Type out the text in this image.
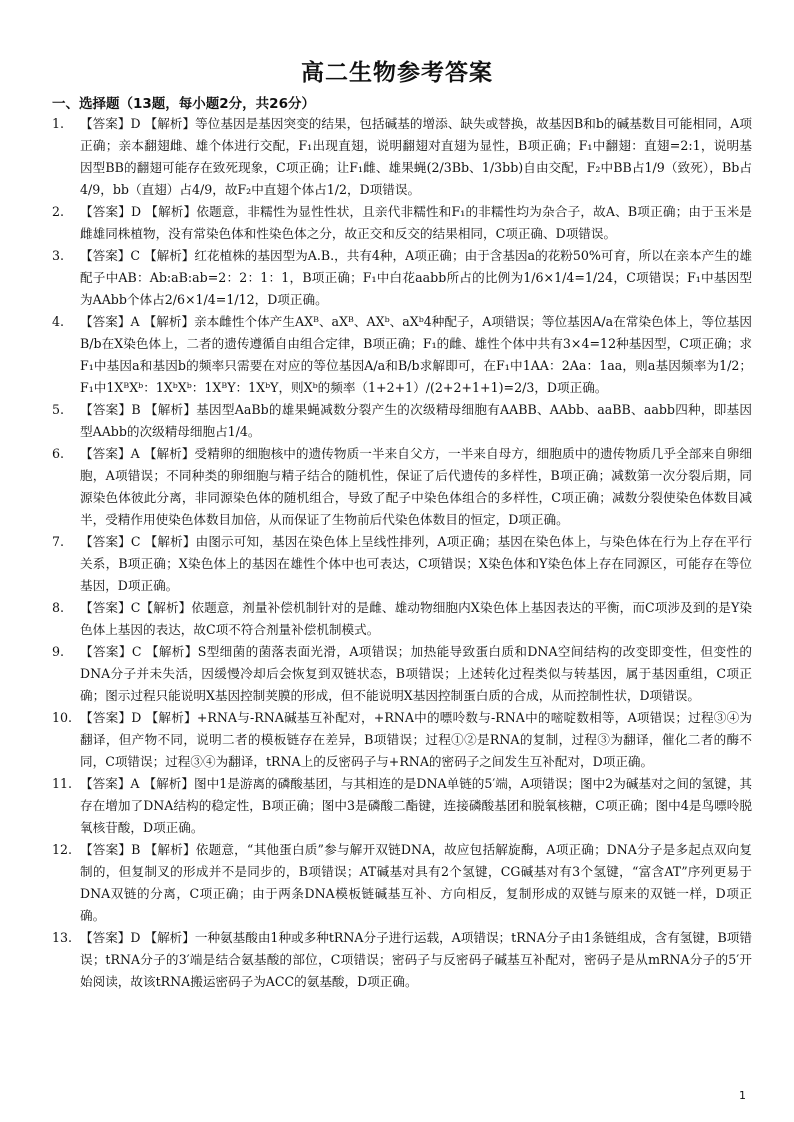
高二生物参考答案

一、选择题（13题，每小题2分，共26分）

1.	【答案】D 【解析】等位基因是基因突变的结果，包括碱基的增添、缺失或替换，故基因B和b的碱基数目可能相同，A项正确；亲本翻翅雌、雄个体进行交配，F₁出现直翅，说明翻翅对直翅为显性，B项正确；F₁中翻翅：直翅=2:1，说明基因型BB的翻翅可能存在致死现象，C项正确；让F₁雌、雄果蝇(2/3Bb、1/3bb)自由交配，F₂中BB占1/9（致死），Bb占4/9，bb（直翅）占4/9，故F₂中直翅个体占1/2，D项错误。
2.	【答案】D 【解析】依题意，非糯性为显性性状，且亲代非糯性和F₁的非糯性均为杂合子，故A、B项正确；由于玉米是雌雄同株植物，没有常染色体和性染色体之分，故正交和反交的结果相同，C项正确、D项错误。
3.	【答案】C 【解析】红花植株的基因型为A.B.，共有4种，A项正确；由于含基因a的花粉50%可育，所以在亲本产生的雄配子中AB：Ab:aB:ab=2：2：1：1，B项正确；F₁中白花aabb所占的比例为1/6×1/4=1/24，C项错误；F₁中基因型为AAbb个体占2/6×1/4=1/12，D项正确。
4.	【答案】A 【解析】亲本雌性个体产生AXᴮ、aXᴮ、AXᵇ、aXᵇ4种配子，A项错误；等位基因A/a在常染色体上，等位基因B/b在X染色体上，二者的遗传遵循自由组合定律，B项正确；F₁的雌、雄性个体中共有3×4=12种基因型，C项正确；求F₁中基因a和基因b的频率只需要在对应的等位基因A/a和B/b求解即可，在F₁中1AA：2Aa：1aa，则a基因频率为1/2；F₁中1XᴮXᵇ：1XᵇXᵇ：1XᴮY：1XᵇY，则Xᵇ的频率（1+2+1）/(2+2+1+1)=2/3，D项正确。
5.	【答案】B 【解析】基因型AaBb的雄果蝇减数分裂产生的次级精母细胞有AABB、AAbb、aaBB、aabb四种，即基因型AAbb的次级精母细胞占1/4。
6.	【答案】A 【解析】受精卵的细胞核中的遗传物质一半来自父方，一半来自母方，细胞质中的遗传物质几乎全部来自卵细胞，A项错误；不同种类的卵细胞与精子结合的随机性，保证了后代遗传的多样性，B项正确；减数第一次分裂后期，同源染色体彼此分离，非同源染色体的随机组合，导致了配子中染色体组合的多样性，C项正确；减数分裂使染色体数目减半，受精作用使染色体数目加倍，从而保证了生物前后代染色体数目的恒定，D项正确。
7.	【答案】C 【解析】由图示可知，基因在染色体上呈线性排列，A项正确；基因在染色体上，与染色体在行为上存在平行关系，B项正确；X染色体上的基因在雄性个体中也可表达，C项错误；X染色体和Y染色体上存在同源区，可能存在等位基因，D项正确。
8.	【答案】C【解析】依题意，剂量补偿机制针对的是雌、雄动物细胞内X染色体上基因表达的平衡，而C项涉及到的是Y染色体上基因的表达，故C项不符合剂量补偿机制模式。
9.	【答案】C 【解析】S型细菌的菌落表面光滑，A项错误；加热能导致蛋白质和DNA空间结构的改变即变性，但变性的DNA分子并未失活，因缓慢冷却后会恢复到双链状态，B项错误；上述转化过程类似与转基因，属于基因重组，C项正确；图示过程只能说明X基因控制荚膜的形成，但不能说明X基因控制蛋白质的合成，从而控制性状，D项错误。
10. 【答案】D 【解析】+RNA与-RNA碱基互补配对，+RNA中的嘌呤数与-RNA中的嘧啶数相等，A项错误；过程③④为翻译，但产物不同，说明二者的模板链存在差异，B项错误；过程①②是RNA的复制，过程③为翻译，催化二者的酶不同，C项错误；过程③④为翻译，tRNA上的反密码子与+RNA的密码子之间发生互补配对，D项正确。
11. 【答案】A 【解析】图中1是游离的磷酸基团，与其相连的是DNA单链的5′端，A项错误；图中2为碱基对之间的氢键，其存在增加了DNA结构的稳定性，B项正确；图中3是磷酸二酯键，连接磷酸基团和脱氧核糖，C项正确；图中4是鸟嘌呤脱氧核苷酸，D项正确。
12. 【答案】B 【解析】依题意，“其他蛋白质”参与解开双链DNA，故应包括解旋酶，A项正确；DNA分子是多起点双向复制的，但复制叉的形成并不是同步的，B项错误；AT碱基对具有2个氢键，CG碱基对有3个氢键，“富含AT”序列更易于DNA双链的分离，C项正确；由于两条DNA模板链碱基互补、方向相反，复制形成的双链与原来的双链一样，D项正确。
13. 【答案】D 【解析】一种氨基酸由1种或多种tRNA分子进行运载，A项错误；tRNA分子由1条链组成，含有氢键，B项错误；tRNA分子的3′端是结合氨基酸的部位，C项错误；密码子与反密码子碱基互补配对，密码子是从mRNA分子的5′开始阅读，故该tRNA搬运密码子为ACC的氨基酸，D项正确。
1
